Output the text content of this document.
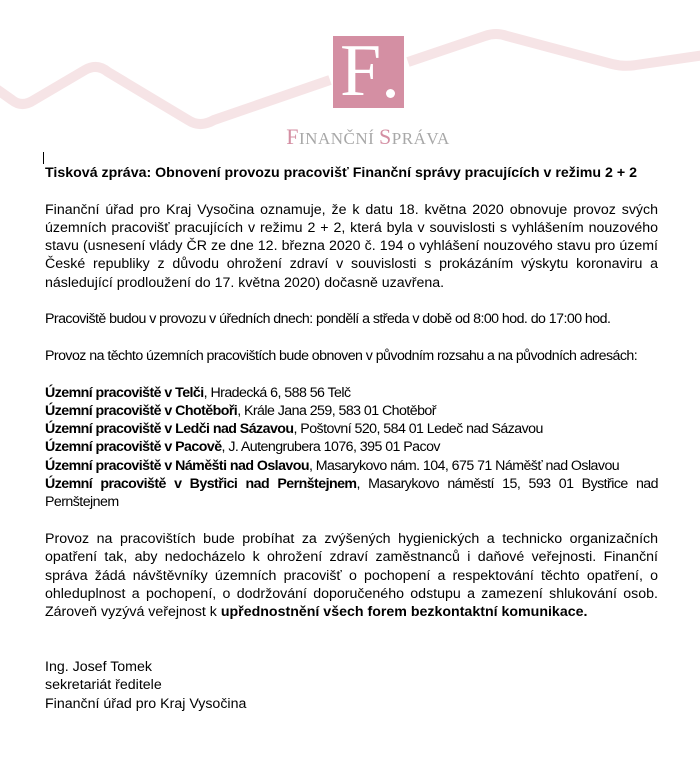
F
FINANČNÍ SPRÁVA

Tisková zpráva: Obnovení provozu pracovišť Finanční správy pracujících v režimu 2 + 2

Finanční úřad pro Kraj Vysočina oznamuje, že k datu 18. května 2020 obnovuje provoz svých územních pracovišť pracujících v režimu 2 + 2, která byla v souvislosti s vyhlášením nouzového stavu (usnesení vlády ČR ze dne 12. března 2020 č. 194 o vyhlášení nouzového stavu pro území České republiky z důvodu ohrožení zdraví v souvislosti s prokázáním výskytu koronaviru a následující prodloužení do 17. května 2020) dočasně uzavřena.

Pracoviště budou v provozu v úředních dnech: pondělí a středa v době od 8:00 hod. do 17:00 hod.

Provoz na těchto územních pracovištích bude obnoven v původním rozsahu a na původních adresách:

Územní pracoviště v Telči, Hradecká 6, 588 56 Telč
Územní pracoviště v Chotěboři, Krále Jana 259, 583 01 Chotěboř
Územní pracoviště v Ledči nad Sázavou, Poštovní 520, 584 01 Ledeč nad Sázavou
Územní pracoviště v Pacově, J. Autengrubera 1076, 395 01 Pacov
Územní pracoviště v Náměšti nad Oslavou, Masarykovo nám. 104, 675 71 Náměšť nad Oslavou
Územní pracoviště v Bystřici nad Pernštejnem, Masarykovo náměstí 15, 593 01 Bystřice nad Pernštejnem

Provoz na pracovištích bude probíhat za zvýšených hygienických a technicko organizačních opatření tak, aby nedocházelo k ohrožení zdraví zaměstnanců i daňové veřejnosti. Finanční správa žádá návštěvníky územních pracovišť o pochopení a respektování těchto opatření, o ohleduplnost a pochopení, o dodržování doporučeného odstupu a zamezení shlukování osob. Zároveň vyzývá veřejnost k upřednostnění všech forem bezkontaktní komunikace.

Ing. Josef Tomek
sekretariát ředitele
Finanční úřad pro Kraj Vysočina
